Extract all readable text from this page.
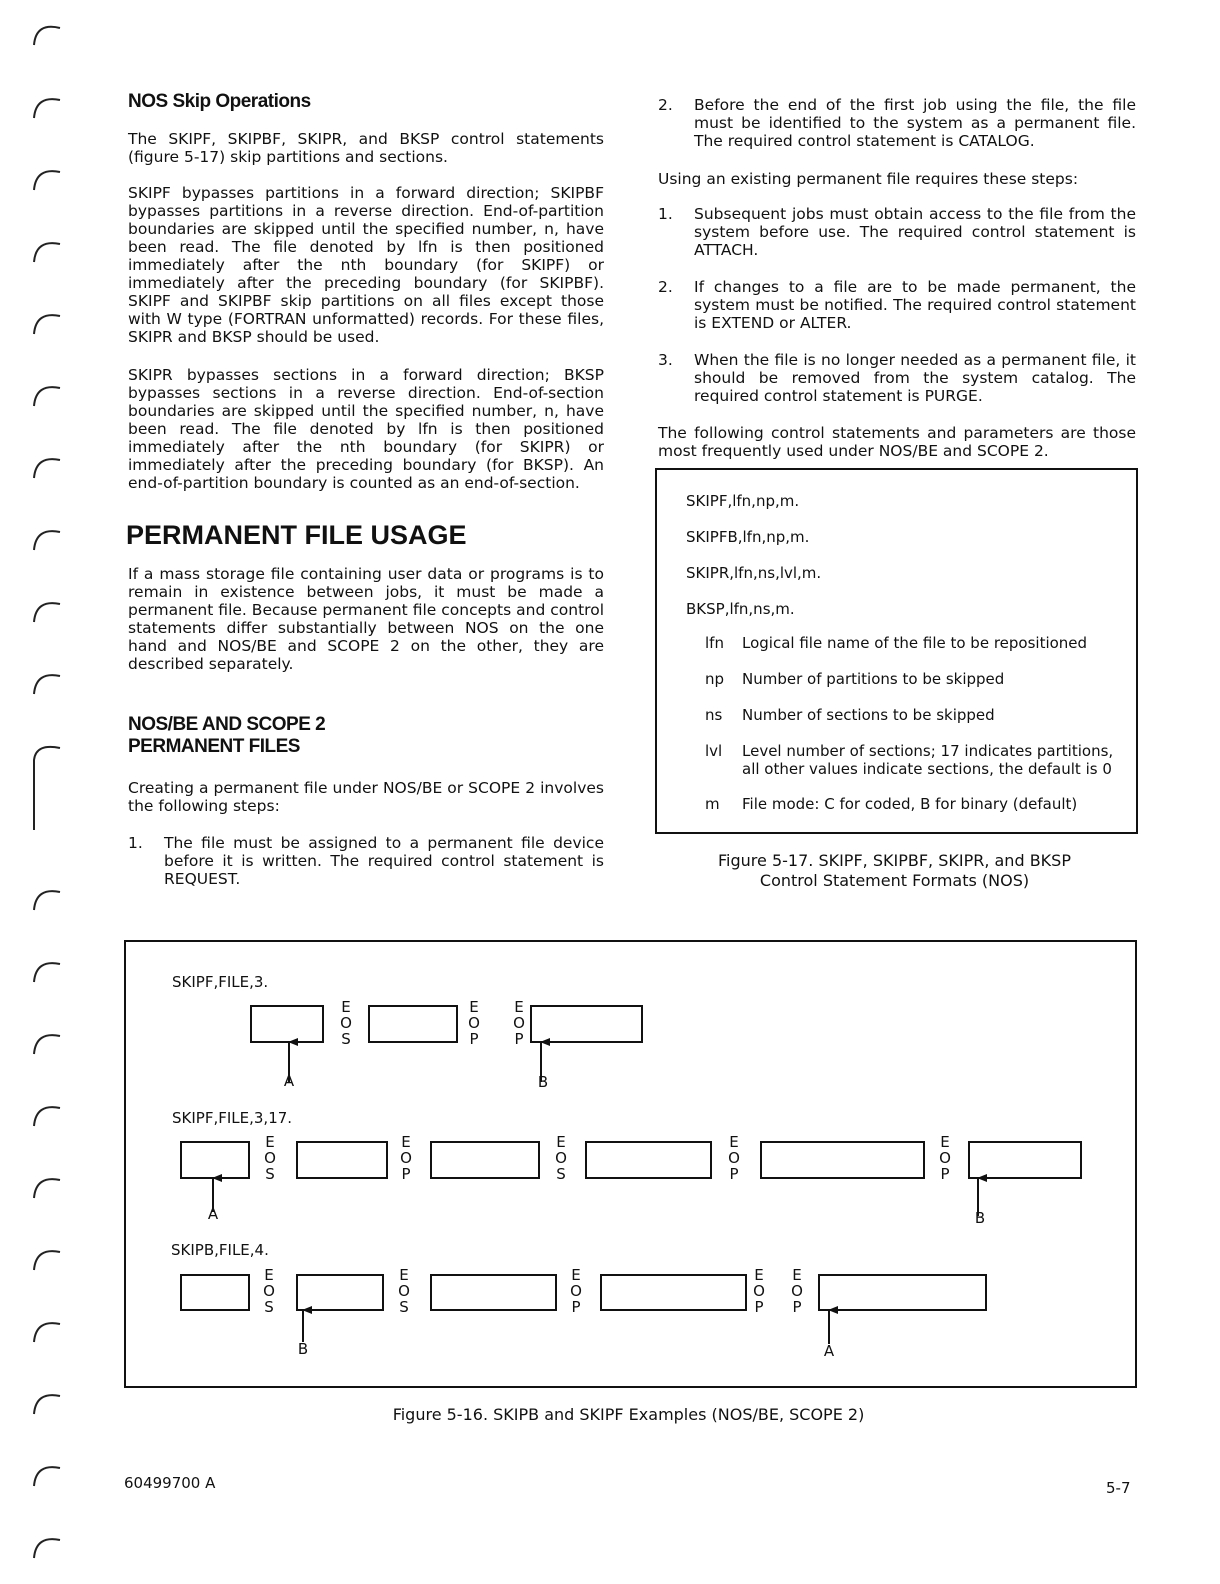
NOS Skip Operations

The SKIPF, SKIPBF, SKIPR, and BKSP control statements (figure 5-17) skip partitions and sections.

SKIPF bypasses partitions in a forward direction; SKIPBF bypasses partitions in a reverse direction. End-of-partition boundaries are skipped until the specified number, n, have been read. The file denoted by lfn is then positioned immediately after the nth boundary (for SKIPF) or immediately after the preceding boundary (for SKIPBF). SKIPF and SKIPBF skip partitions on all files except those with W type (FORTRAN unformatted) records. For these files, SKIPR and BKSP should be used.

SKIPR bypasses sections in a forward direction; BKSP bypasses sections in a reverse direction. End-of-section boundaries are skipped until the specified number, n, have been read. The file denoted by lfn is then positioned immediately after the nth boundary (for SKIPR) or immediately after the preceding boundary (for BKSP). An end-of-partition boundary is counted as an end-of-section.

PERMANENT FILE USAGE

If a mass storage file containing user data or programs is to remain in existence between jobs, it must be made a permanent file. Because permanent file concepts and control statements differ substantially between NOS on the one hand and NOS/BE and SCOPE 2 on the other, they are described separately.

NOS/BE AND SCOPE 2
PERMANENT FILES

Creating a permanent file under NOS/BE or SCOPE 2 involves the following steps:

1.	The file must be assigned to a permanent file device before it is written. The required control statement is REQUEST.
2.	Before the end of the first job using the file, the file must be identified to the system as a permanent file. The required control statement is CATALOG.

Using an existing permanent file requires these steps:

1.	Subsequent jobs must obtain access to the file from the system before use. The required control statement is ATTACH.
2.	If changes to a file are to be made permanent, the system must be notified. The required control statement is EXTEND or ALTER.
3.	When the file is no longer needed as a permanent file, it should be removed from the system catalog. The required control statement is PURGE.

The following control statements and parameters are those most frequently used under NOS/BE and SCOPE 2.

SKIPF,lfn,np,m.
SKIPFB,lfn,np,m.
SKIPR,lfn,ns,lvl,m.
BKSP,lfn,ns,m.
lfn	Logical file name of the file to be repositioned
np	Number of partitions to be skipped
ns	Number of sections to be skipped
lvl	Level number of sections; 17 indicates partitions, all other values indicate sections, the default is 0
m	File mode: C for coded, B for binary (default)
Figure 5-17. SKIPF, SKIPBF, SKIPR, and BKSP
Control Statement Formats (NOS)
SKIPF,FILE,3.
E
O
S
E
O
P
E
O
P
A	B
SKIPF,FILE,3,17.
E
O
S
E
O
P
E
O
S
E
O
P
E
O
P
A	B
SKIPB,FILE,4.
E
O
S
E
O
S
E
O
P
E
O
P
E
O
P
B	A
Figure 5-16. SKIPB and SKIPF Examples (NOS/BE, SCOPE 2)
60499700 A	5-7
